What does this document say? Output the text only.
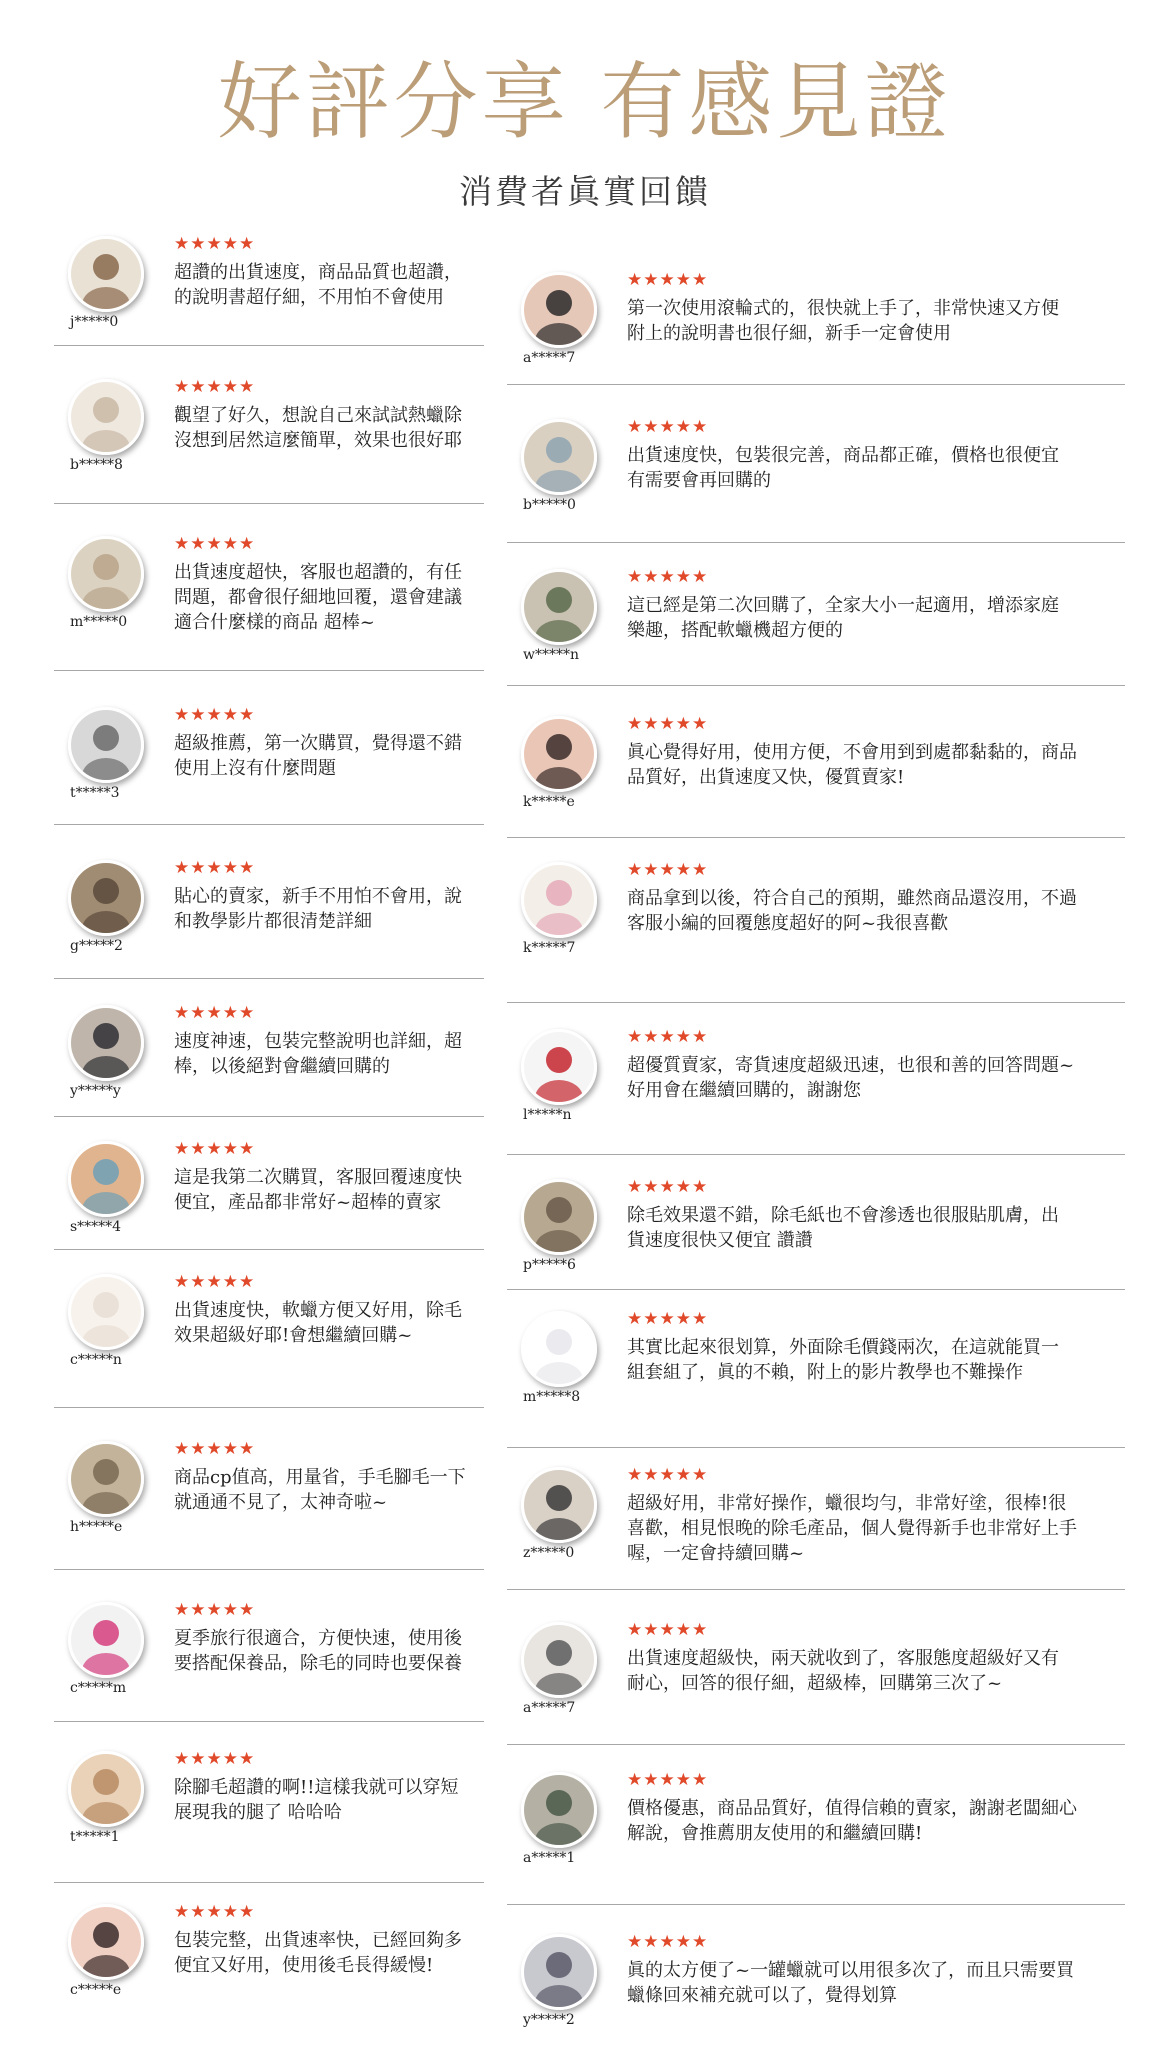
好評分享 有感見證
消費者眞實回饋
j*****0
★★★★★
超讚的出貨速度，商品品質也超讚，
的說明書超仔細，不用怕不會使用
b*****8
★★★★★
觀望了好久，想說自己來試試熱蠟除
沒想到居然這麼簡單，效果也很好耶
m*****0
★★★★★
出貨速度超快，客服也超讚的，有任
問題，都會很仔細地回覆，還會建議
適合什麼樣的商品 超棒~
t*****3
★★★★★
超級推薦，第一次購買，覺得還不錯
使用上沒有什麼問題
g*****2
★★★★★
貼心的賣家，新手不用怕不會用，說
和教學影片都很清楚詳細
y*****y
★★★★★
速度神速，包裝完整說明也詳細，超
棒，以後絕對會繼續回購的
s*****4
★★★★★
這是我第二次購買，客服回覆速度快
便宜，產品都非常好~超棒的賣家
c*****n
★★★★★
出貨速度快，軟蠟方便又好用，除毛
效果超級好耶!會想繼續回購~
h*****e
★★★★★
商品cp值高，用量省，手毛腳毛一下
就通通不見了，太神奇啦~
c*****m
★★★★★
夏季旅行很適合，方便快速，使用後
要搭配保養品，除毛的同時也要保養
t*****1
★★★★★
除腳毛超讚的啊!!這樣我就可以穿短
展現我的腿了 哈哈哈
c*****e
★★★★★
包裝完整，出貨速率快，已經回夠多
便宜又好用，使用後毛長得緩慢!
a*****7
★★★★★
第一次使用滾輪式的，很快就上手了，非常快速又方便
附上的說明書也很仔細，新手一定會使用
b*****0
★★★★★
出貨速度快，包裝很完善，商品都正確，價格也很便宜
有需要會再回購的
w*****n
★★★★★
這已經是第二次回購了，全家大小一起適用，增添家庭
樂趣，搭配軟蠟機超方便的
k*****e
★★★★★
眞心覺得好用，使用方便，不會用到到處都黏黏的，商品
品質好，出貨速度又快，優質賣家!
k*****7
★★★★★
商品拿到以後，符合自己的預期，雖然商品還沒用，不過
客服小編的回覆態度超好的阿~我很喜歡
l*****n
★★★★★
超優質賣家，寄貨速度超級迅速，也很和善的回答問題~
好用會在繼續回購的，謝謝您
p*****6
★★★★★
除毛效果還不錯，除毛紙也不會滲透也很服貼肌膚，出
貨速度很快又便宜 讚讚
m*****8
★★★★★
其實比起來很划算，外面除毛價錢兩次，在這就能買一
組套組了，眞的不賴，附上的影片教學也不難操作
z*****0
★★★★★
超級好用，非常好操作，蠟很均勻，非常好塗，很棒!很
喜歡，相見恨晚的除毛產品，個人覺得新手也非常好上手
喔，一定會持續回購~
a*****7
★★★★★
出貨速度超級快，兩天就收到了，客服態度超級好又有
耐心，回答的很仔細，超級棒，回購第三次了~
a*****1
★★★★★
價格優惠，商品品質好，值得信賴的賣家，謝謝老闆細心
解說，會推薦朋友使用的和繼續回購!
y*****2
★★★★★
眞的太方便了~一罐蠟就可以用很多次了，而且只需要買
蠟條回來補充就可以了，覺得划算
